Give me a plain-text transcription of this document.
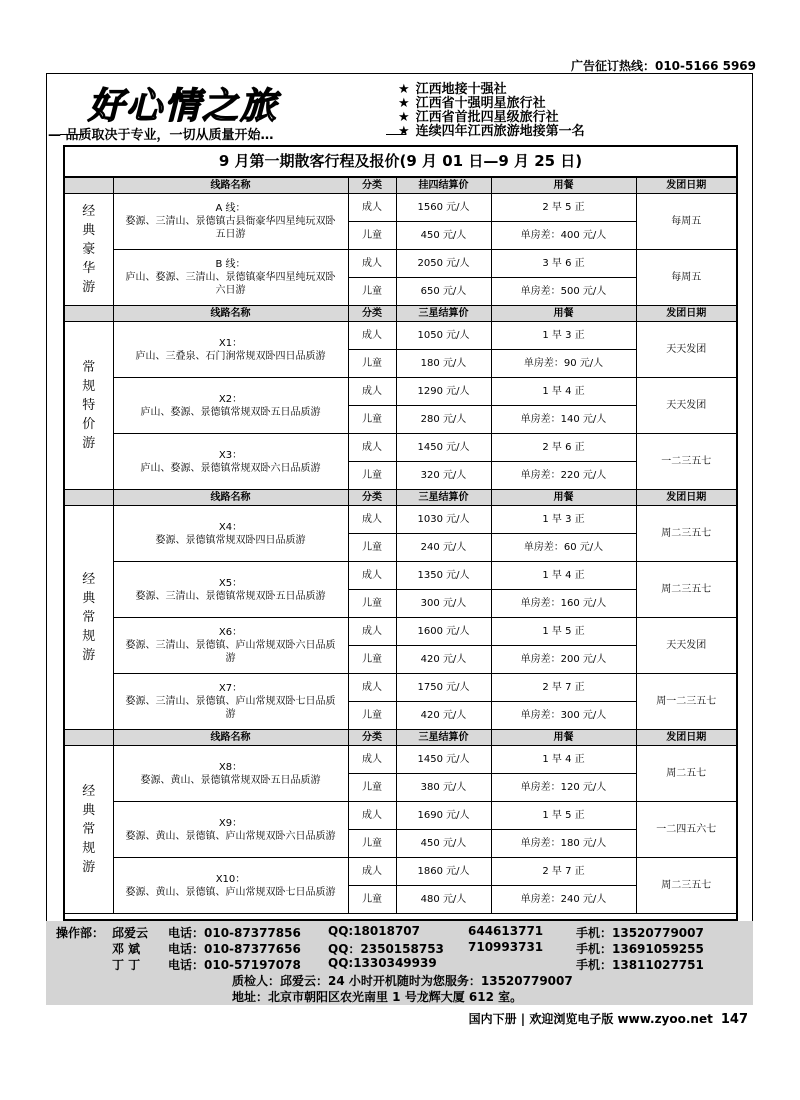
广告征订热线：010-5166 5969
好心情之旅
— 品质取决于专业，一切从质量开始…
★ 江西地接十强社
★ 江西省十强明星旅行社
★ 江西省首批四星级旅行社
★ 连续四年江西旅游地接第一名
9 月第一期散客行程及报价(9 月 01 日—9 月 25 日)
	线路名称	分类	挂四结算价	用餐	发团日期
经典豪华游	A 线：
婺源、三清山、景德镇古县衙豪华四星纯玩双卧五日游	成人	1560 元/人	2 早 5 正	每周五
		儿童	450 元/人	单房差：400 元/人	

	B 线：
庐山、婺源、三清山、景德镇豪华四星纯玩双卧六日游	成人	2050 元/人	3 早 6 正	每周五
		儿童	650 元/人	单房差：500 元/人	
	线路名称	分类	三星结算价	用餐	发团日期
常规特价游	X1：
庐山、三叠泉、石门涧常规双卧四日品质游	成人	1050 元/人	1 早 3 正	天天发团
		儿童	180 元/人	单房差：90 元/人	

	X2：
庐山、婺源、景德镇常规双卧五日品质游	成人	1290 元/人	1 早 4 正	天天发团
		儿童	280 元/人	单房差：140 元/人	

	X3：
庐山、婺源、景德镇常规双卧六日品质游	成人	1450 元/人	2 早 6 正	一二三五七
		儿童	320 元/人	单房差：220 元/人	
	线路名称	分类	三星结算价	用餐	发团日期
经典常规游	X4：
婺源、景德镇常规双卧四日品质游	成人	1030 元/人	1 早 3 正	周二三五七
		儿童	240 元/人	单房差：60 元/人	

	X5：
婺源、三清山、景德镇常规双卧五日品质游	成人	1350 元/人	1 早 4 正	周二三五七
		儿童	300 元/人	单房差：160 元/人	

	X6：
婺源、三清山、景德镇、庐山常规双卧六日品质游	成人	1600 元/人	1 早 5 正	天天发团
		儿童	420 元/人	单房差：200 元/人	

	X7：
婺源、三清山、景德镇、庐山常规双卧七日品质游	成人	1750 元/人	2 早 7 正	周一二三五七
		儿童	420 元/人	单房差：300 元/人	
	线路名称	分类	三星结算价	用餐	发团日期
经典常规游	X8：
婺源、黄山、景德镇常规双卧五日品质游	成人	1450 元/人	1 早 4 正	周二五七
		儿童	380 元/人	单房差：120 元/人	

	X9：
婺源、黄山、景德镇、庐山常规双卧六日品质游	成人	1690 元/人	1 早 5 正	一二四五六七
		儿童	450 元/人	单房差：180 元/人	

	X10：
婺源、黄山、景德镇、庐山常规双卧七日品质游	成人	1860 元/人	2 早 7 正	周二三五七
		儿童	480 元/人	单房差：240 元/人	
操作部： 邱爱云 电话：010-87377856 QQ:18018707	644613771	手机：13520779007
邓 斌 电话：010-87377656 QQ：2350158753 710993731	手机：13691059255
丁 丁 电话：010-57197078 QQ:1330349939	手机：13811027751
质检人：邱爱云：24 小时开机随时为您服务：13520779007
地址：北京市朝阳区农光南里 1 号龙辉大厦 612 室。
国内下册 | 欢迎浏览电子版 www.zyoo.net 147
